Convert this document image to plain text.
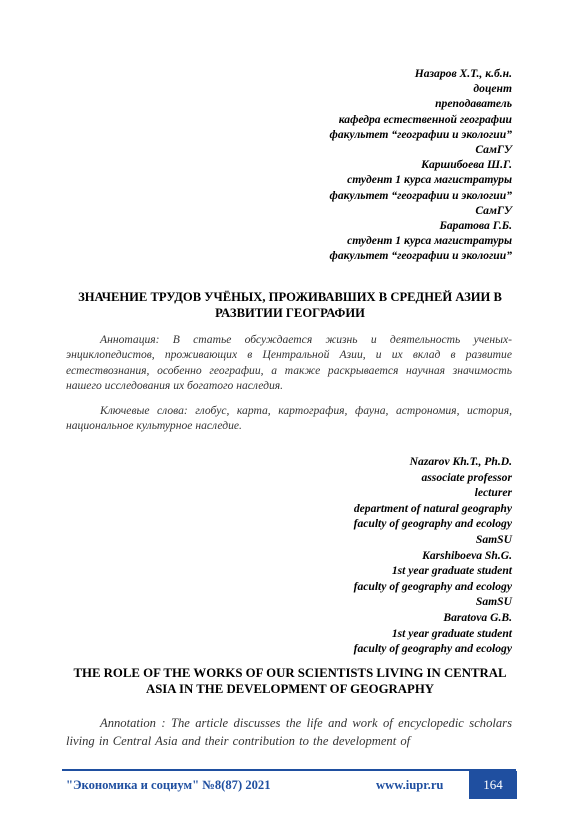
Назаров Х.Т., к.б.н.
доцент
преподаватель
кафедра естественной географии
факультет “географии и экологии”
СамГУ
Каршибоева Ш.Г.
студент 1 курса магистратуры
факультет “географии и экологии”
СамГУ
Баратова Г.Б.
студент 1 курса магистратуры
факультет “географии и экологии”
ЗНАЧЕНИЕ ТРУДОВ УЧЁНЫХ, ПРОЖИВАВШИХ В СРЕДНЕЙ АЗИИ В РАЗВИТИИ ГЕОГРАФИИ

Аннотация: В статье обсуждается жизнь и деятельность ученых-энциклопедистов, проживающих в Центральной Азии, и их вклад в развитие естествознания, особенно географии, а также раскрывается научная значимость нашего исследования их богатого наследия.

Ключевые слова: глобус, карта, картография, фауна, астрономия, история, национальное культурное наследие.

Nazarov Kh.T., Ph.D.
associate professor
lecturer
department of natural geography
faculty of geography and ecology
SamSU
Karshiboeva Sh.G.
1st year graduate student
faculty of geography and ecology
SamSU
Baratova G.B.
1st year graduate student
faculty of geography and ecology
THE ROLE OF THE WORKS OF OUR SCIENTISTS LIVING IN CENTRAL ASIA IN THE DEVELOPMENT OF GEOGRAPHY

Annotation : The article discusses the life and work of encyclopedic scholars living in Central Asia and their contribution to the development of

"Экономика и социум" №8(87) 2021	www.iupr.ru	164
